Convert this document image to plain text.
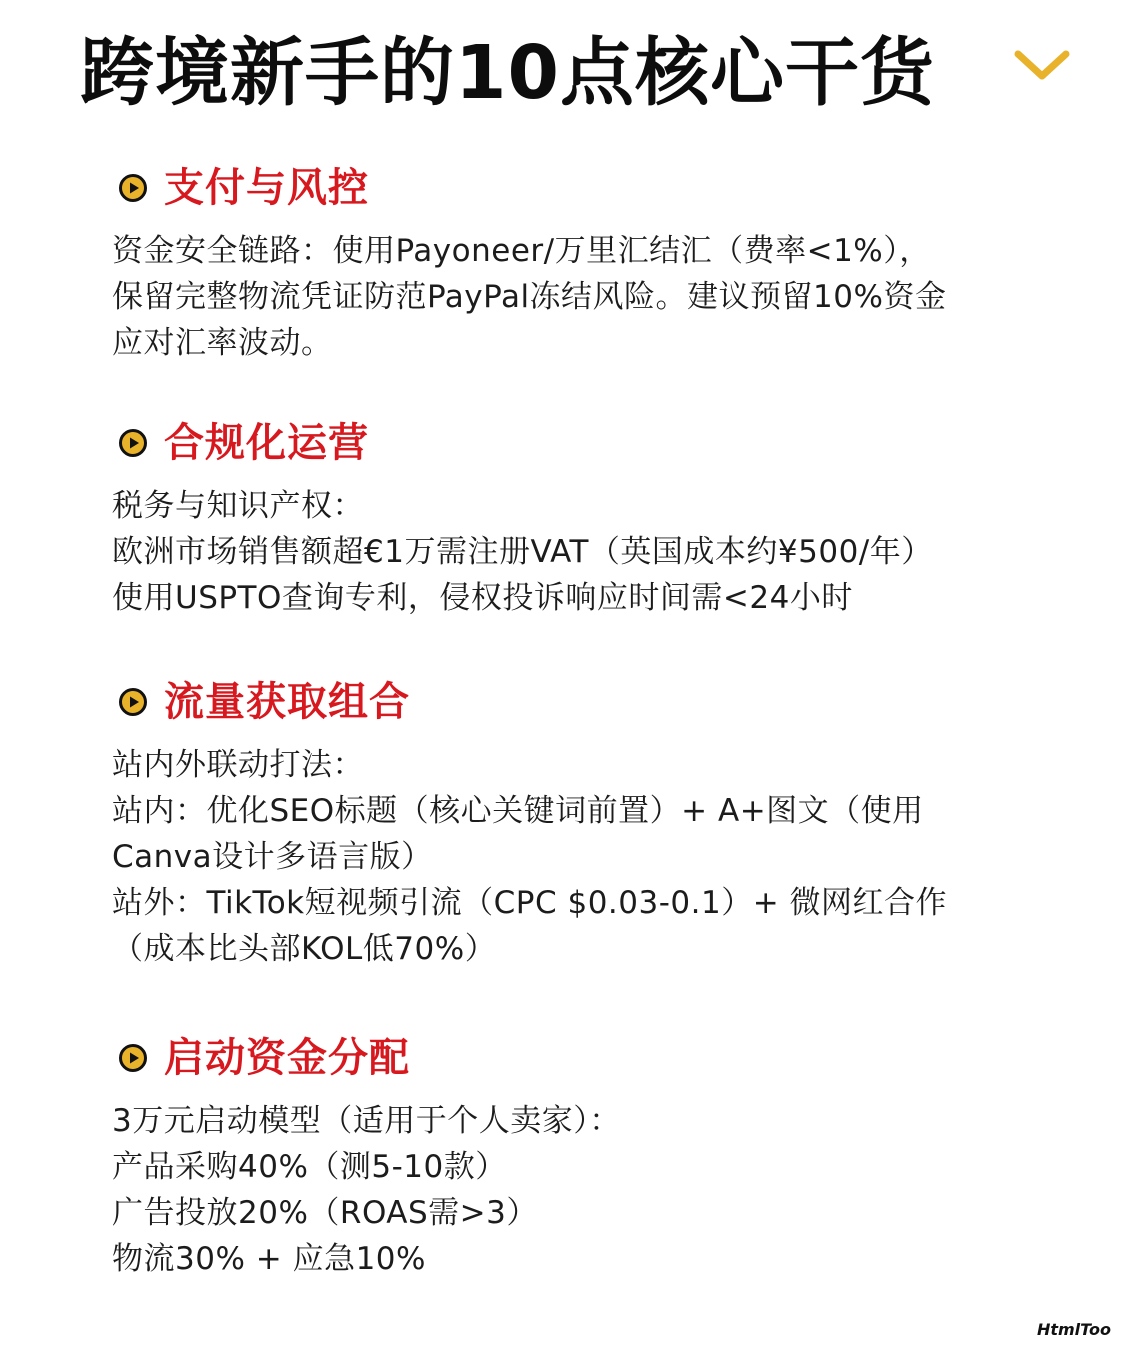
跨境新手的10点核心干货
支付与风控
资金安全链路：使用Payoneer/万里汇结汇（费率<1%），
保留完整物流凭证防范PayPal冻结风险。建议预留10%资金
应对汇率波动。
合规化运营
税务与知识产权：
欧洲市场销售额超€1万需注册VAT（英国成本约¥500/年）
使用USPTO查询专利，侵权投诉响应时间需<24小时
流量获取组合
站内外联动打法：
站内：优化SEO标题（核心关键词前置）+ A+图文（使用
Canva设计多语言版）
站外：TikTok短视频引流（CPC $0.03-0.1）+ 微网红合作
（成本比头部KOL低70%）
启动资金分配
3万元启动模型（适用于个人卖家）：
产品采购40%（测5-10款）
广告投放20%（ROAS需>3）
物流30% + 应急10%
HtmlToo
